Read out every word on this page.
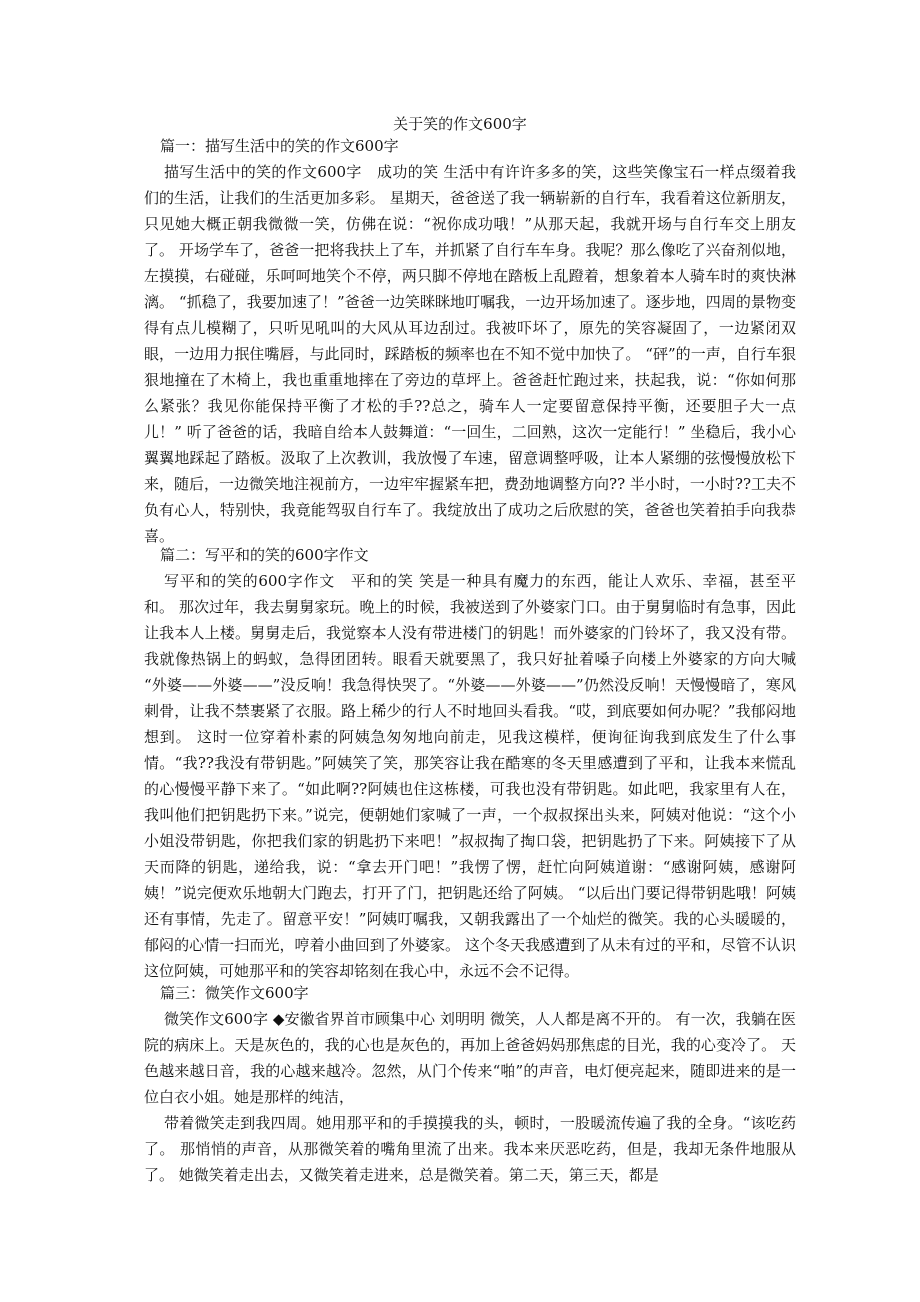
关于笑的作文600字
篇一：描写生活中的笑的作文600字

描写生活中的笑的作文600字　成功的笑 生活中有许许多多的笑，这些笑像宝石一样点缀着我们的生活，让我们的生活更加多彩。 星期天，爸爸送了我一辆崭新的自行车，我看着这位新朋友，只见她大概正朝我微微一笑，仿佛在说：“祝你成功哦！”从那天起，我就开场与自行车交上朋友了。 开场学车了，爸爸一把将我扶上了车，并抓紧了自行车车身。我呢？那么像吃了兴奋剂似地，左摸摸，右碰碰，乐呵呵地笑个不停，两只脚不停地在踏板上乱蹬着，想象着本人骑车时的爽快淋漓。 “抓稳了，我要加速了！”爸爸一边笑眯眯地叮嘱我，一边开场加速了。逐步地，四周的景物变得有点儿模糊了，只听见吼叫的大风从耳边刮过。我被吓坏了，原先的笑容凝固了，一边紧闭双眼，一边用力抿住嘴唇，与此同时，踩踏板的频率也在不知不觉中加快了。 “砰”的一声，自行车狠狠地撞在了木椅上，我也重重地摔在了旁边的草坪上。爸爸赶忙跑过来，扶起我，说：“你如何那么紧张？我见你能保持平衡了才松的手??总之，骑车人一定要留意保持平衡，还要胆子大一点儿！” 听了爸爸的话，我暗自给本人鼓舞道：“一回生，二回熟，这次一定能行！” 坐稳后，我小心翼翼地踩起了踏板。汲取了上次教训，我放慢了车速，留意调整呼吸，让本人紧绷的弦慢慢放松下来，随后，一边微笑地注视前方，一边牢牢握紧车把，费劲地调整方向?? 半小时，一小时??工夫不负有心人，特别快，我竟能驾驭自行车了。我绽放出了成功之后欣慰的笑，爸爸也笑着拍手向我恭喜。

篇二：写平和的笑的600字作文

写平和的笑的600字作文　平和的笑 笑是一种具有魔力的东西，能让人欢乐、幸福，甚至平和。 那次过年，我去舅舅家玩。晚上的时候，我被送到了外婆家门口。由于舅舅临时有急事，因此让我本人上楼。舅舅走后，我觉察本人没有带进楼门的钥匙！而外婆家的门铃坏了，我又没有带。我就像热锅上的蚂蚁，急得团团转。眼看天就要黑了，我只好扯着嗓子向楼上外婆家的方向大喊 “外婆——外婆——”没反响！我急得快哭了。“外婆——外婆——”仍然没反响！天慢慢暗了，寒风刺骨，让我不禁裹紧了衣服。路上稀少的行人不时地回头看我。“哎，到底要如何办呢？”我郁闷地想到。 这时一位穿着朴素的阿姨急匆匆地向前走，见我这模样，便询征询我到底发生了什么事情。“我??我没有带钥匙。”阿姨笑了笑，那笑容让我在酷寒的冬天里感遭到了平和，让我本来慌乱的心慢慢平静下来了。“如此啊??阿姨也住这栋楼，可我也没有带钥匙。如此吧，我家里有人在，我叫他们把钥匙扔下来。”说完，便朝她们家喊了一声，一个叔叔探出头来，阿姨对他说：“这个小小姐没带钥匙，你把我们家的钥匙扔下来吧！”叔叔掏了掏口袋，把钥匙扔了下来。阿姨接下了从天而降的钥匙，递给我，说：“拿去开门吧！”我愣了愣，赶忙向阿姨道谢：“感谢阿姨，感谢阿姨！”说完便欢乐地朝大门跑去，打开了门，把钥匙还给了阿姨。 “以后出门要记得带钥匙哦！阿姨还有事情，先走了。留意平安！”阿姨叮嘱我，又朝我露出了一个灿烂的微笑。我的心头暖暖的，郁闷的心情一扫而光，哼着小曲回到了外婆家。 这个冬天我感遭到了从未有过的平和，尽管不认识这位阿姨，可她那平和的笑容却铭刻在我心中，永远不会不记得。

篇三：微笑作文600字

微笑作文600字 ◆安徽省界首市顾集中心 刘明明 微笑，人人都是离不开的。 有一次，我躺在医院的病床上。天是灰色的，我的心也是灰色的，再加上爸爸妈妈那焦虑的目光，我的心变冷了。 天色越来越日音，我的心越来越冷。忽然，从门个传来“啪”的声音，电灯便亮起来，随即进来的是一位白衣小姐。她是那样的纯洁，

带着微笑走到我四周。她用那平和的手摸摸我的头，顿时，一股暖流传遍了我的全身。“该吃药了。 那悄悄的声音，从那微笑着的嘴角里流了出来。我本来厌恶吃药，但是，我却无条件地服从了。 她微笑着走出去，又微笑着走进来，总是微笑着。第二天，第三天，都是
